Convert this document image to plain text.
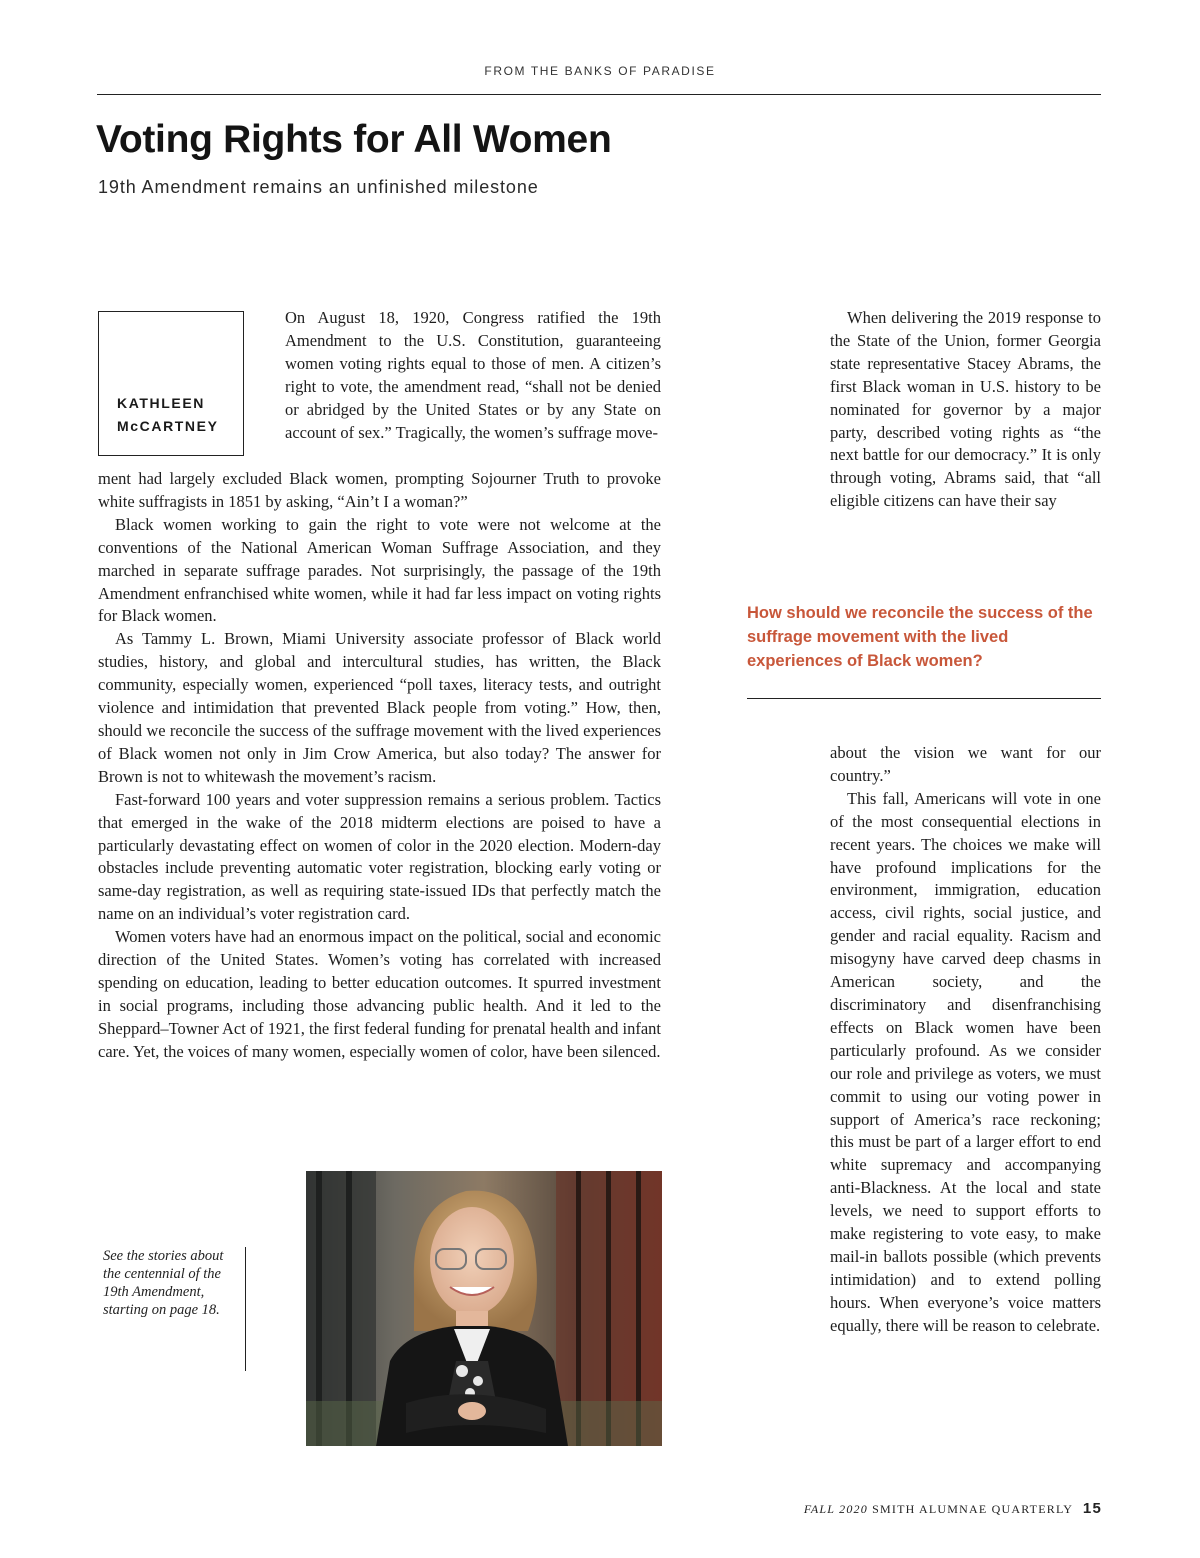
FROM THE BANKS OF PARADISE
Voting Rights for All Women
19th Amendment remains an unfinished milestone
KATHLEEN
McCARTNEY

On August 18, 1920, Congress ratified the 19th Amendment to the U.S. Constitution, guaranteeing women voting rights equal to those of men. A citizen’s right to vote, the amendment read, “shall not be denied or abridged by the United States or by any State on account of sex.” Tragically, the women’s suffrage move-

ment had largely excluded Black women, prompting Sojourner Truth to provoke white suffragists in 1851 by asking, “Ain’t I a woman?”

Black women working to gain the right to vote were not welcome at the conventions of the National American Woman Suffrage Association, and they marched in separate suffrage parades. Not surprisingly, the passage of the 19th Amendment enfranchised white women, while it had far less impact on voting rights for Black women.

As Tammy L. Brown, Miami University associate professor of Black world studies, history, and global and intercultural studies, has written, the Black community, especially women, experienced “poll taxes, literacy tests, and outright violence and intimidation that prevented Black people from voting.” How, then, should we reconcile the success of the suffrage movement with the lived experiences of Black women not only in Jim Crow America, but also today? The answer for Brown is not to whitewash the movement’s racism.

Fast-forward 100 years and voter suppression remains a serious problem. Tactics that emerged in the wake of the 2018 midterm elections are poised to have a particularly devastating effect on women of color in the 2020 election. Modern-day obstacles include preventing automatic voter registration, blocking early voting or same-day registration, as well as requiring state-issued IDs that perfectly match the name on an individual’s voter registration card.

Women voters have had an enormous impact on the political, social and economic direction of the United States. Women’s voting has correlated with increased spending on education, leading to better education outcomes. It spurred investment in social programs, including those advancing public health. And it led to the Sheppard–Towner Act of 1921, the first federal funding for prenatal health and infant care. Yet, the voices of many women, especially women of color, have been silenced.

When delivering the 2019 response to the State of the Union, former Georgia state representative Stacey Abrams, the first Black woman in U.S. history to be nominated for governor by a major party, described voting rights as “the next battle for our democracy.” It is only through voting, Abrams said, that “all eligible citizens can have their say

How should we reconcile the success of the suffrage movement with the lived experiences of Black women?

about the vision we want for our country.”

This fall, Americans will vote in one of the most consequential elections in recent years. The choices we make will have profound implications for the environment, immigration, education access, civil rights, social justice, and gender and racial equality. Racism and misogyny have carved deep chasms in American society, and the discriminatory and disenfranchising effects on Black women have been particularly profound. As we consider our role and privilege as voters, we must commit to using our voting power in support of America’s race reckoning; this must be part of a larger effort to end white supremacy and accompanying anti-Blackness. At the local and state levels, we need to support efforts to make registering to vote easy, to make mail-in ballots possible (which prevents intimidation) and to extend polling hours. When everyone’s voice matters equally, there will be reason to celebrate.

See the stories about the centennial of the 19th Amendment, starting on page 18.
FALL 2020 SMITH ALUMNAE QUARTERLY 15
